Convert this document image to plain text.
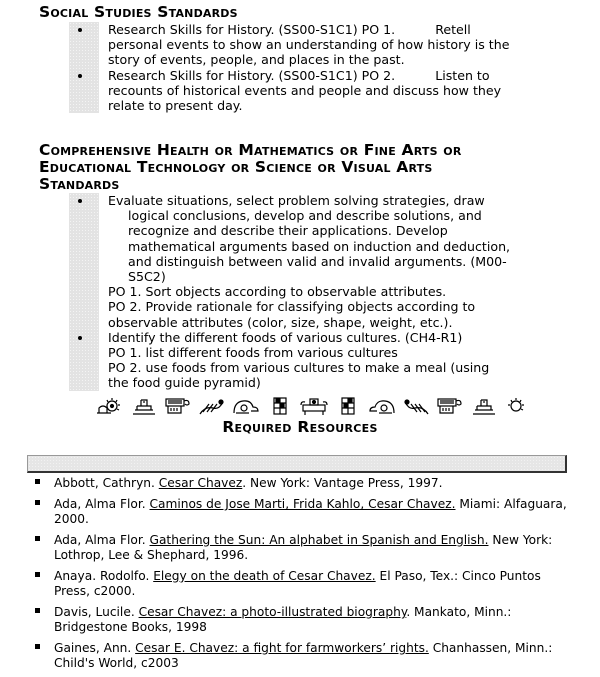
Social Studies Standards
Research Skills for History. (SS00-S1C1) PO 1.	Retell
personal events to show an understanding of how history is the
story of events, people, and places in the past.
Research Skills for History. (SS00-S1C1) PO 2.	Listen to
recounts of historical events and people and discuss how they
relate to present day.
Comprehensive Health or Mathematics or Fine Arts or
Educational Technology or Science or Visual Arts
Standards
Evaluate situations, select problem solving strategies, draw
logical conclusions, develop and describe solutions, and
recognize and describe their applications. Develop
mathematical arguments based on induction and deduction,
and distinguish between valid and invalid arguments. (M00-
S5C2)
PO 1. Sort objects according to observable attributes.
PO 2. Provide rationale for classifying objects according to
observable attributes (color, size, shape, weight, etc.).
Identify the different foods of various cultures. (CH4-R1)
PO 1. list different foods from various cultures
PO 2. use foods from various cultures to make a meal (using
the food guide pyramid)
Required Resources
Abbott, Cathryn. Cesar Chavez. New York: Vantage Press, 1997.
Ada, Alma Flor. Caminos de Jose Marti, Frida Kahlo, Cesar Chavez. Miami: Alfaguara, 2000.
Ada, Alma Flor. Gathering the Sun: An alphabet in Spanish and English. New York: Lothrop, Lee & Shephard, 1996.
Anaya. Rodolfo. Elegy on the death of Cesar Chavez. El Paso, Tex.: Cinco Puntos Press, c2000.
Davis, Lucile. Cesar Chavez: a photo-illustrated biography. Mankato, Minn.: Bridgestone Books, 1998
Gaines, Ann. Cesar E. Chavez: a fight for farmworkers’ rights. Chanhassen, Minn.: Child's World, c2003
